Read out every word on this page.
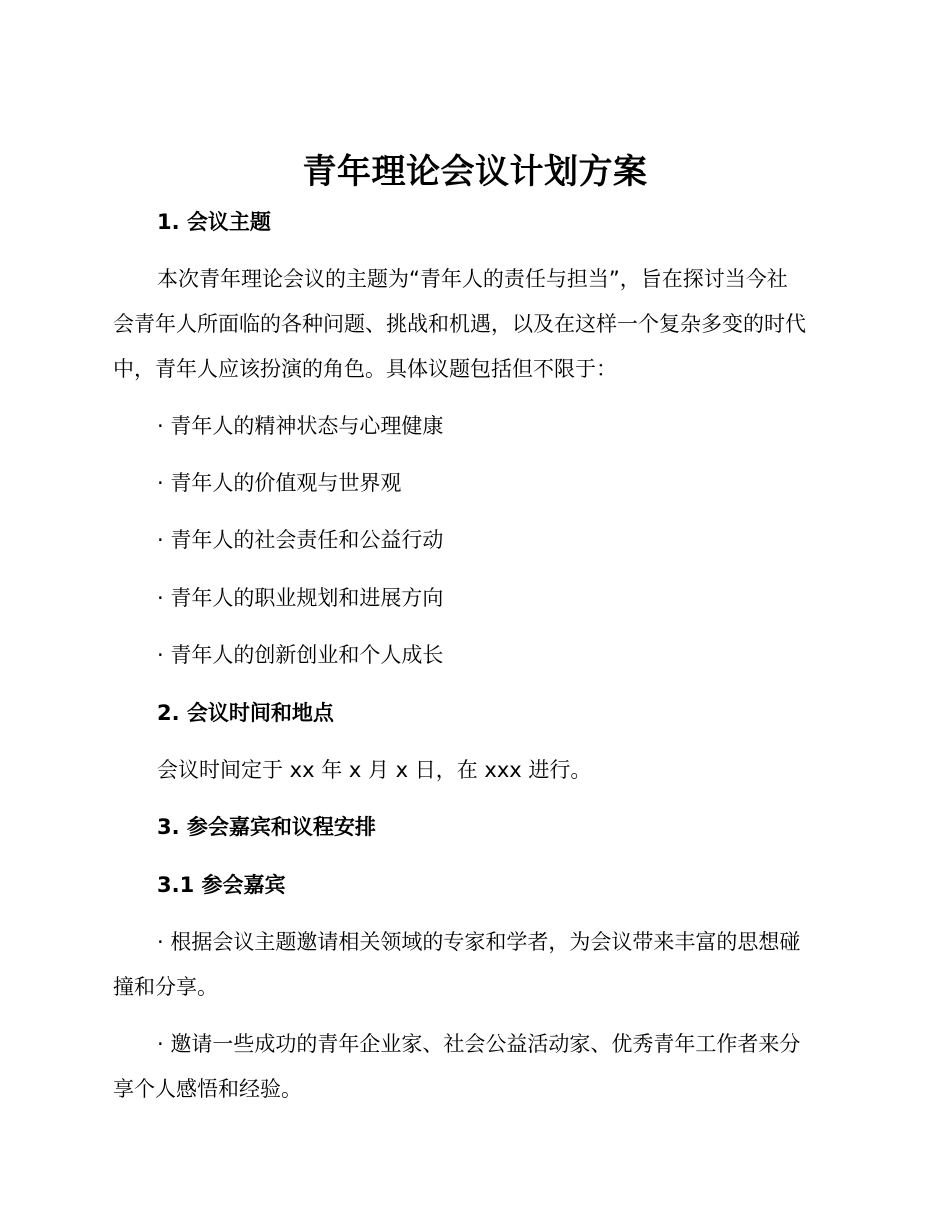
青年理论会议计划方案
1. 会议主题
本次青年理论会议的主题为“青年人的责任与担当”，旨在探讨当今社
会青年人所面临的各种问题、挑战和机遇，以及在这样一个复杂多变的时代
中，青年人应该扮演的角色。具体议题包括但不限于：
· 青年人的精神状态与心理健康
· 青年人的价值观与世界观
· 青年人的社会责任和公益行动
· 青年人的职业规划和进展方向
· 青年人的创新创业和个人成长
2. 会议时间和地点
会议时间定于 xx 年 x 月 x 日，在 xxx 进行。
3. 参会嘉宾和议程安排
3.1 参会嘉宾
· 根据会议主题邀请相关领域的专家和学者，为会议带来丰富的思想碰
撞和分享。
· 邀请一些成功的青年企业家、社会公益活动家、优秀青年工作者来分
享个人感悟和经验。
